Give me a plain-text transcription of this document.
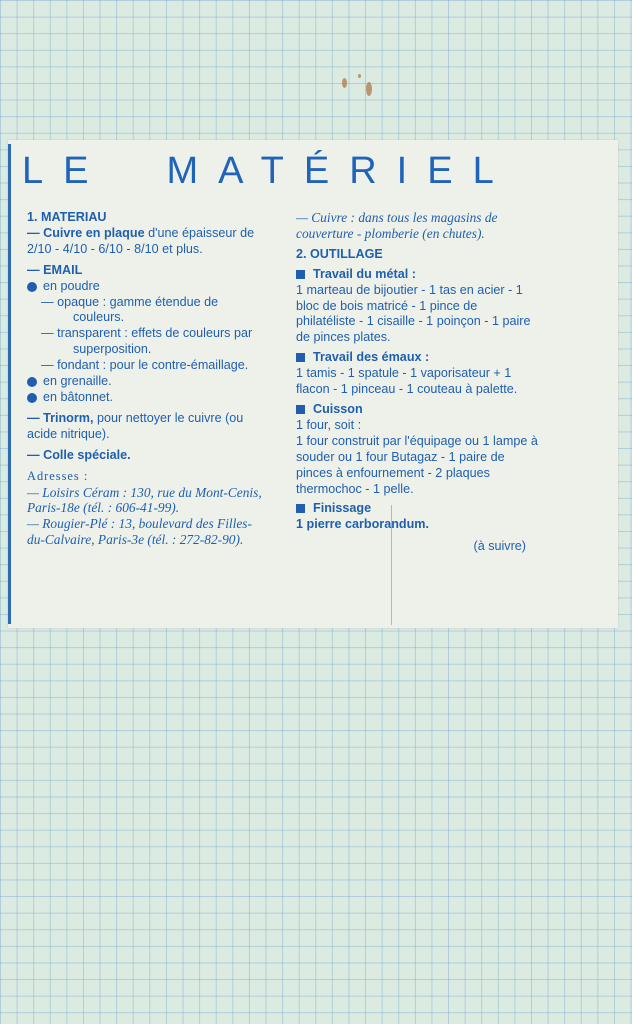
LE MATÉRIEL

1. MATERIAU

— Cuivre en plaque d'une épaisseur de 2/10 - 4/10 - 6/10 - 8/10 et plus.

— EMAIL

en poudre

— opaque : gamme étendue de couleurs.

— transparent : effets de couleurs par superposition.

— fondant : pour le contre-émaillage.

en grenaille.
en bâtonnet.

— Trinorm, pour nettoyer le cuivre (ou acide nitrique).

— Colle spéciale.

Adresses :

— Loisirs Céram : 130, rue du Mont-Cenis, Paris-18e (tél. : 606-41-99).

— Rougier-Plé : 13, boulevard des Filles-du-Calvaire, Paris-3e (tél. : 272-82-90).

— Cuivre : dans tous les magasins de couverture - plomberie (en chutes).

2. OUTILLAGE

Travail du métal :

1 marteau de bijoutier - 1 tas en acier - 1 bloc de bois matricé - 1 pince de philatéliste - 1 cisaille - 1 poinçon - 1 paire de pinces plates.

Travail des émaux :

1 tamis - 1 spatule - 1 vaporisateur + 1 flacon - 1 pinceau - 1 couteau à palette.

Cuisson

1 four, soit :

1 four construit par l'équipage ou 1 lampe à souder ou 1 four Butagaz - 1 paire de pinces à enfournement - 2 plaques thermochoc - 1 pelle.

Finissage

1 pierre carborandum.

(à suivre)
